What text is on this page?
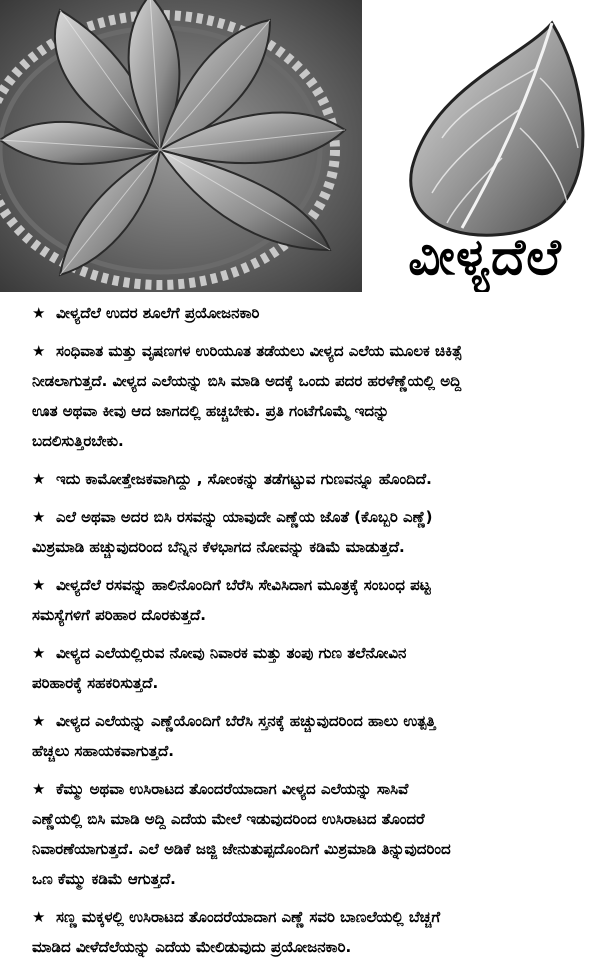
ವೀಳ್ಯದೆಲೆ
★ ವೀಳ್ಯದೆಲೆ ಉದರ ಶೂಲೆಗೆ ಪ್ರಯೋಜನಕಾರಿ
★ ಸಂಧಿವಾತ ಮತ್ತು ವೃಷಣಗಳ ಉರಿಯೂತ ತಡೆಯಲು ವೀಳ್ಯದ ಎಲೆಯ ಮೂಲಕ ಚಿಕಿತ್ಸೆ
ನೀಡಲಾಗುತ್ತದೆ. ವೀಳ್ಯದ ಎಲೆಯನ್ನು ಬಿಸಿ ಮಾಡಿ ಅದಕ್ಕೆ ಒಂದು ಪದರ ಹರಳೆಣ್ಣೆಯಲ್ಲಿ ಅದ್ದಿ
ಊತ ಅಥವಾ ಕೀವು ಆದ ಜಾಗದಲ್ಲಿ ಹಚ್ಚಬೇಕು. ಪ್ರತಿ ಗಂಟೆಗೊಮ್ಮೆ ಇದನ್ನು
ಬದಲಿಸುತ್ತಿರಬೇಕು.
★ ಇದು ಕಾಮೋತ್ತೇಜಕವಾಗಿದ್ದು , ಸೋಂಕನ್ನು ತಡೆಗಟ್ಟುವ ಗುಣವನ್ನೂ ಹೊಂದಿದೆ.
★ ಎಲೆ ಅಥವಾ ಅದರ ಬಿಸಿ ರಸವನ್ನು ಯಾವುದೇ ಎಣ್ಣೆಯ ಜೊತೆ (ಕೊಬ್ಬರಿ ಎಣ್ಣೆ)
ಮಿಶ್ರಮಾಡಿ ಹಚ್ಚುವುದರಿಂದ ಬೆನ್ನಿನ ಕೆಳಭಾಗದ ನೋವನ್ನು ಕಡಿಮೆ ಮಾಡುತ್ತದೆ.
★ ವೀಳ್ಯದೆಲೆ ರಸವನ್ನು ಹಾಲಿನೊಂದಿಗೆ ಬೆರೆಸಿ ಸೇವಿಸಿದಾಗ ಮೂತ್ರಕ್ಕೆ ಸಂಬಂಧ ಪಟ್ಟ
ಸಮಸ್ಯೆಗಳಿಗೆ ಪರಿಹಾರ ದೊರಕುತ್ತದೆ.
★ ವೀಳ್ಯದ ಎಲೆಯಲ್ಲಿರುವ ನೋವು ನಿವಾರಕ ಮತ್ತು ತಂಪು ಗುಣ ತಲೆನೋವಿನ
ಪರಿಹಾರಕ್ಕೆ ಸಹಕರಿಸುತ್ತದೆ.
★ ವೀಳ್ಯದ ಎಲೆಯನ್ನು ಎಣ್ಣೆಯೊಂದಿಗೆ ಬೆರೆಸಿ ಸ್ತನಕ್ಕೆ ಹಚ್ಚುವುದರಿಂದ ಹಾಲು ಉತ್ಪತ್ತಿ
ಹೆಚ್ಚಲು ಸಹಾಯಕವಾಗುತ್ತದೆ.
★ ಕೆಮ್ಮು ಅಥವಾ ಉಸಿರಾಟದ ತೊಂದರೆಯಾದಾಗ ವೀಳ್ಯದ ಎಲೆಯನ್ನು ಸಾಸಿವೆ
ಎಣ್ಣೆಯಲ್ಲಿ ಬಿಸಿ ಮಾಡಿ ಅದ್ದಿ ಎದೆಯ ಮೇಲೆ ಇಡುವುದರಿಂದ ಉಸಿರಾಟದ ತೊಂದರೆ
ನಿವಾರಣೆಯಾಗುತ್ತದೆ. ಎಲೆ ಅಡಿಕೆ ಜಜ್ಜಿ ಜೇನುತುಪ್ಪದೊಂದಿಗೆ ಮಿಶ್ರಮಾಡಿ ತಿನ್ನುವುದರಿಂದ
ಒಣ ಕೆಮ್ಮು ಕಡಿಮೆ ಆಗುತ್ತದೆ.
★ ಸಣ್ಣ ಮಕ್ಕಳಲ್ಲಿ ಉಸಿರಾಟದ ತೊಂದರೆಯಾದಾಗ ಎಣ್ಣೆ ಸವರಿ ಬಾಣಲೆಯಲ್ಲಿ ಬೆಚ್ಚಗೆ
ಮಾಡಿದ ವೀಳೆದೆಲೆಯನ್ನು ಎದೆಯ ಮೇಲಿಡುವುದು ಪ್ರಯೋಜನಕಾರಿ.
